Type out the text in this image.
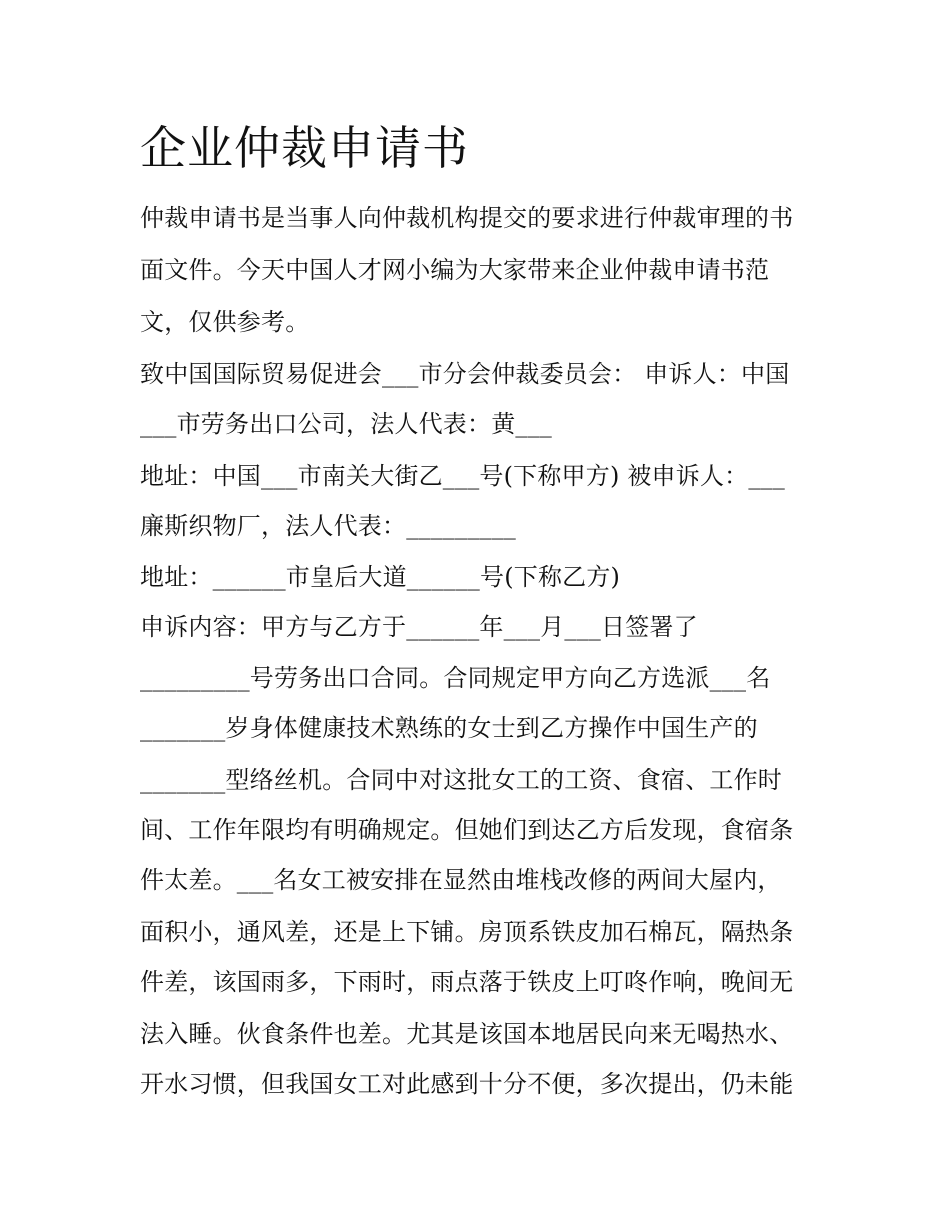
企业仲裁申请书

仲裁申请书是当事人向仲裁机构提交的要求进行仲裁审理的书

面文件。今天中国人才网小编为大家带来企业仲裁申请书范

文，仅供参考。

致中国国际贸易促进会___市分会仲裁委员会： 申诉人：中国

___市劳务出口公司，法人代表：黄___

地址：中国___市南关大街乙___号(下称甲方) 被申诉人：___

廉斯织物厂，法人代表：_________

地址：______市皇后大道______号(下称乙方)

申诉内容：甲方与乙方于______年___月___日签署了

_________号劳务出口合同。合同规定甲方向乙方选派___名

_______岁身体健康技术熟练的女士到乙方操作中国生产的

_______型络丝机。合同中对这批女工的工资、食宿、工作时

间、工作年限均有明确规定。但她们到达乙方后发现，食宿条

件太差。___名女工被安排在显然由堆栈改修的两间大屋内，

面积小，通风差，还是上下铺。房顶系铁皮加石棉瓦，隔热条

件差，该国雨多，下雨时，雨点落于铁皮上叮咚作响，晚间无

法入睡。伙食条件也差。尤其是该国本地居民向来无喝热水、

开水习惯，但我国女工对此感到十分不便，多次提出，仍未能
